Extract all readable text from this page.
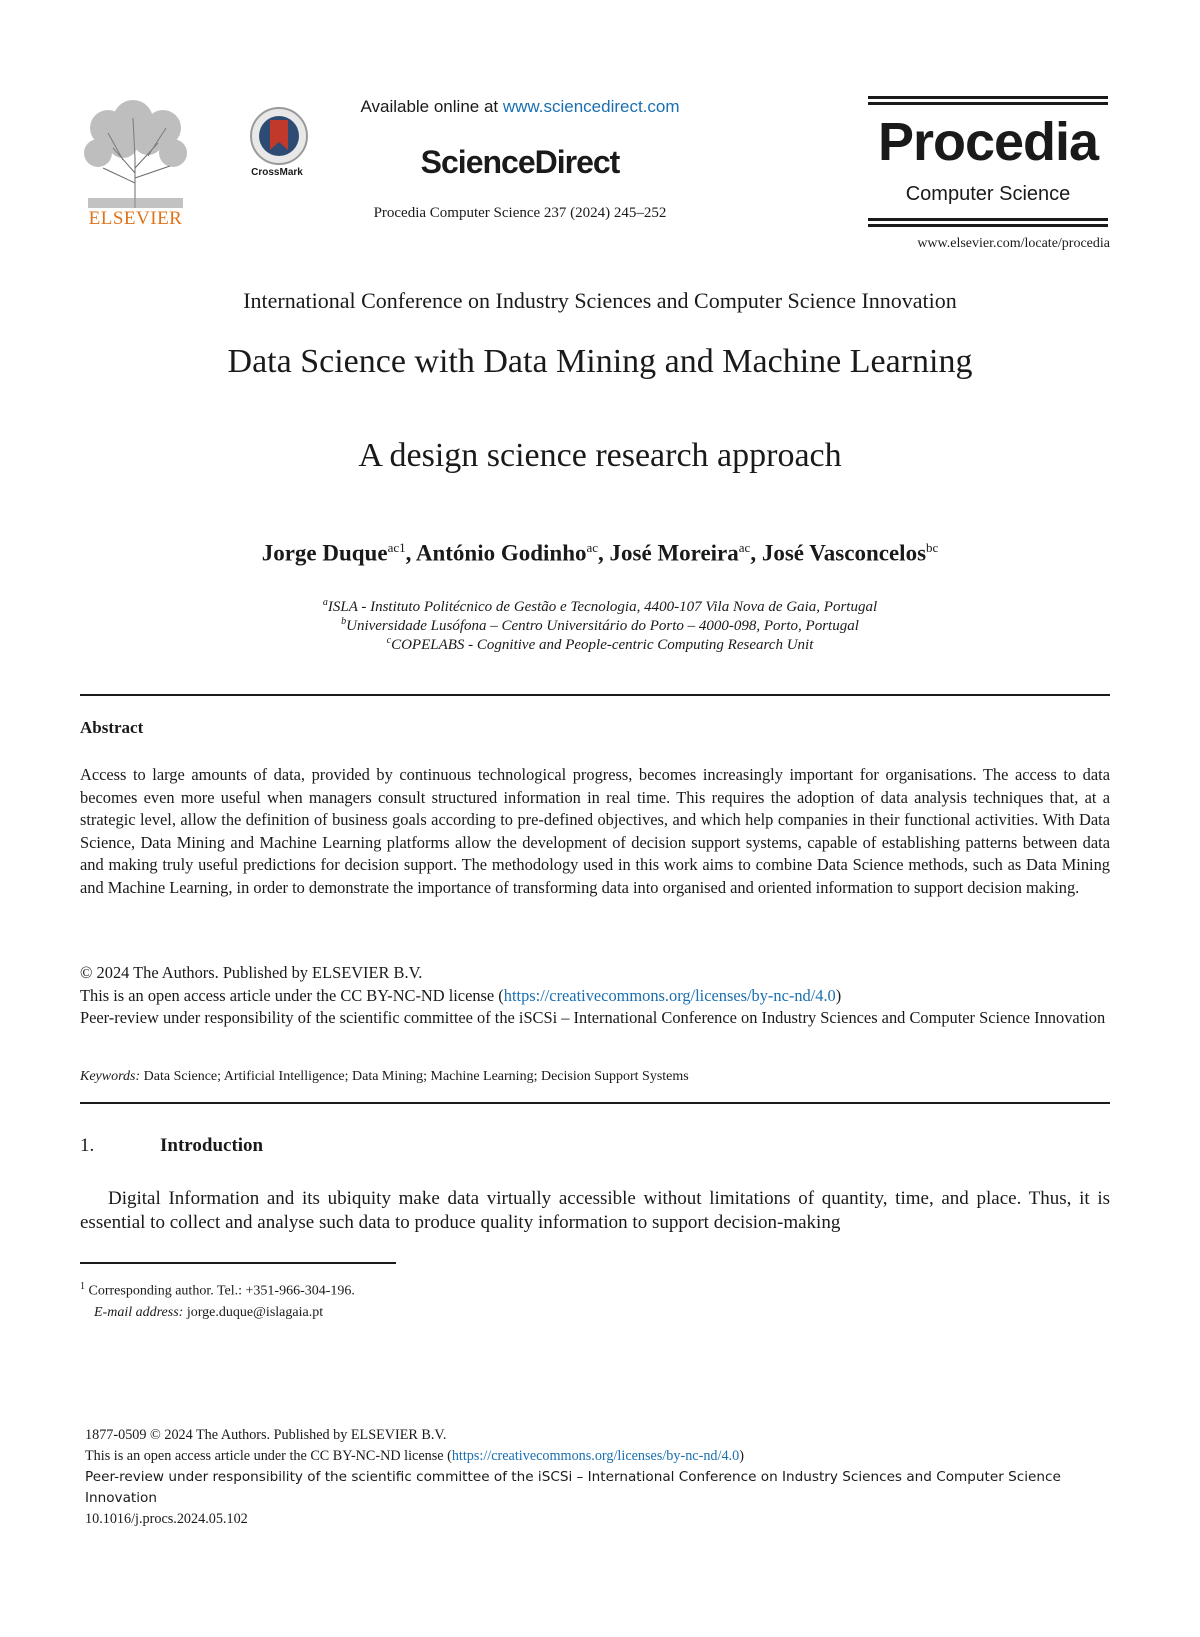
ELSEVIER
CrossMark
Available online at www.sciencedirect.com
ScienceDirect
Procedia Computer Science 237 (2024) 245–252
Procedia
Computer Science
www.elsevier.com/locate/procedia
International Conference on Industry Sciences and Computer Science Innovation
Data Science with Data Mining and Machine Learning
A design science research approach
Jorge Duque$^{ac1}$, António Godinho$^{ac}$, José Moreira$^{ac}$, José Vasconcelos$^{bc}$
$^a$ISLA - Instituto Politécnico de Gestão e Tecnologia, 4400-107 Vila Nova de Gaia, Portugal
$^b$Universidade Lusófona – Centro Universitário do Porto – 4000-098, Porto, Portugal
$^c$COPELABS - Cognitive and People-centric Computing Research Unit
Abstract
Access to large amounts of data, provided by continuous technological progress, becomes increasingly important for organisations. The access to data becomes even more useful when managers consult structured information in real time. This requires the adoption of data analysis techniques that, at a strategic level, allow the definition of business goals according to pre-defined objectives, and which help companies in their functional activities. With Data Science, Data Mining and Machine Learning platforms allow the development of decision support systems, capable of establishing patterns between data and making truly useful predictions for decision support. The methodology used in this work aims to combine Data Science methods, such as Data Mining and Machine Learning, in order to demonstrate the importance of transforming data into organised and oriented information to support decision making.
© 2024 The Authors. Published by ELSEVIER B.V.
This is an open access article under the CC BY-NC-ND license (https://creativecommons.org/licenses/by-nc-nd/4.0)
Peer-review under responsibility of the scientific committee of the iSCSi – International Conference on Industry Sciences and Computer Science Innovation
Keywords: Data Science; Artificial Intelligence; Data Mining; Machine Learning; Decision Support Systems
1.	Introduction
Digital Information and its ubiquity make data virtually accessible without limitations of quantity, time, and place. Thus, it is essential to collect and analyse such data to produce quality information to support decision-making
$^1$ Corresponding author. Tel.: +351-966-304-196.
E-mail address: jorge.duque@islagaia.pt
1877-0509 © 2024 The Authors. Published by ELSEVIER B.V.
This is an open access article under the CC BY-NC-ND license (https://creativecommons.org/licenses/by-nc-nd/4.0)
Peer-review under responsibility of the scientific committee of the iSCSi – International Conference on Industry Sciences and Computer Science Innovation
10.1016/j.procs.2024.05.102
